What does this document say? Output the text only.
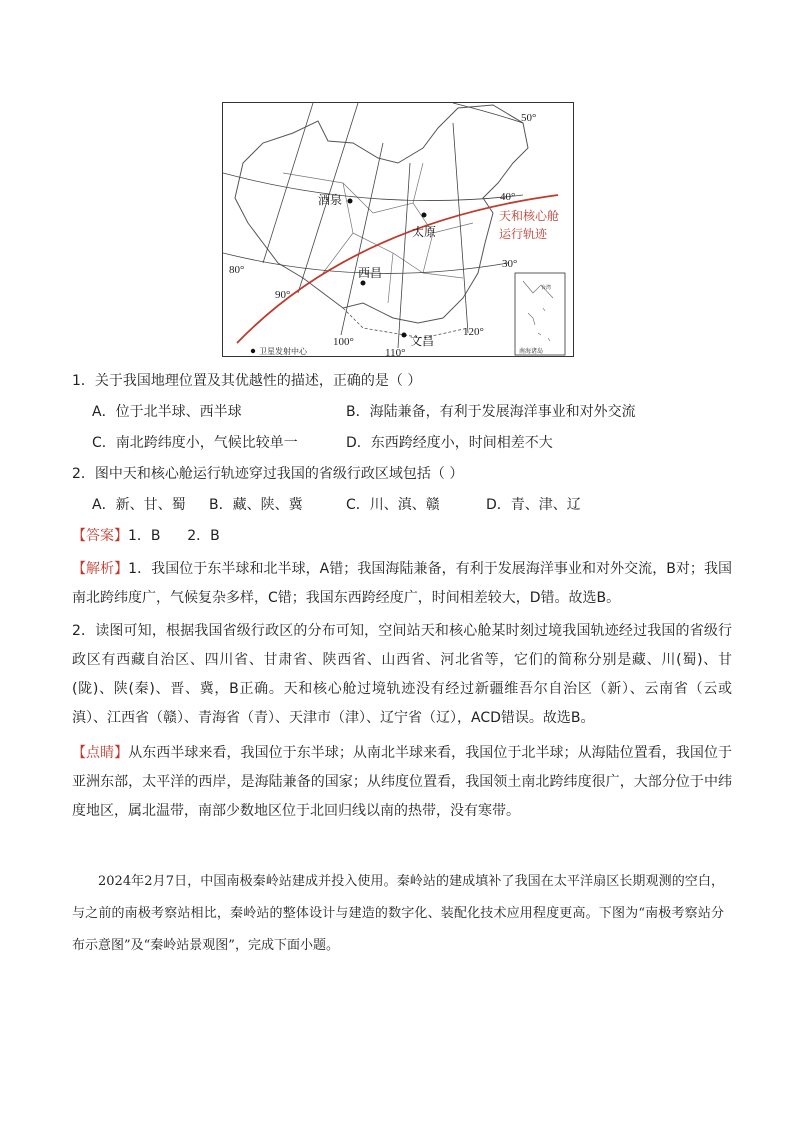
50°
40°
30°
80°
90°
100°
110°
120°
酒泉
太原
西昌
文昌
天和核心舱
运行轨迹
卫星发射中心
台湾
南海诸岛
1．关于我国地理位置及其优越性的描述，正确的是（ ）
A．位于北半球、西半球	B．海陆兼备，有利于发展海洋事业和对外交流
C．南北跨纬度小，气候比较单一	D．东西跨经度小，时间相差不大
2．图中天和核心舱运行轨迹穿过我国的省级行政区域包括（ ）
A．新、甘、蜀 B．藏、陕、冀	C．川、滇、赣	D．青、津、辽
【答案】1．B      2．B
【解析】1．我国位于东半球和北半球，A错；我国海陆兼备，有利于发展海洋事业和对外交流，B对；我国南北跨纬度广，气候复杂多样，C错；我国东西跨经度广，时间相差较大，D错。故选B。
2．读图可知，根据我国省级行政区的分布可知，空间站天和核心舱某时刻过境我国轨迹经过我国的省级行政区有西藏自治区、四川省、甘肃省、陕西省、山西省、河北省等，它们的简称分别是藏、川(蜀)、甘(陇)、陕(秦)、晋、冀，B正确。天和核心舱过境轨迹没有经过新疆维吾尔自治区（新）、云南省（云或滇）、江西省（赣）、青海省（青）、天津市（津）、辽宁省（辽），ACD错误。故选B。
【点睛】从东西半球来看，我国位于东半球；从南北半球来看，我国位于北半球；从海陆位置看，我国位于亚洲东部，太平洋的西岸，是海陆兼备的国家；从纬度位置看，我国领土南北跨纬度很广，大部分位于中纬度地区，属北温带，南部少数地区位于北回归线以南的热带，没有寒带。
2024年2月7日，中国南极秦岭站建成并投入使用。秦岭站的建成填补了我国在太平洋扇区长期观测的空白，与之前的南极考察站相比，秦岭站的整体设计与建造的数字化、装配化技术应用程度更高。下图为“南极考察站分布示意图”及“秦岭站景观图”，完成下面小题。
